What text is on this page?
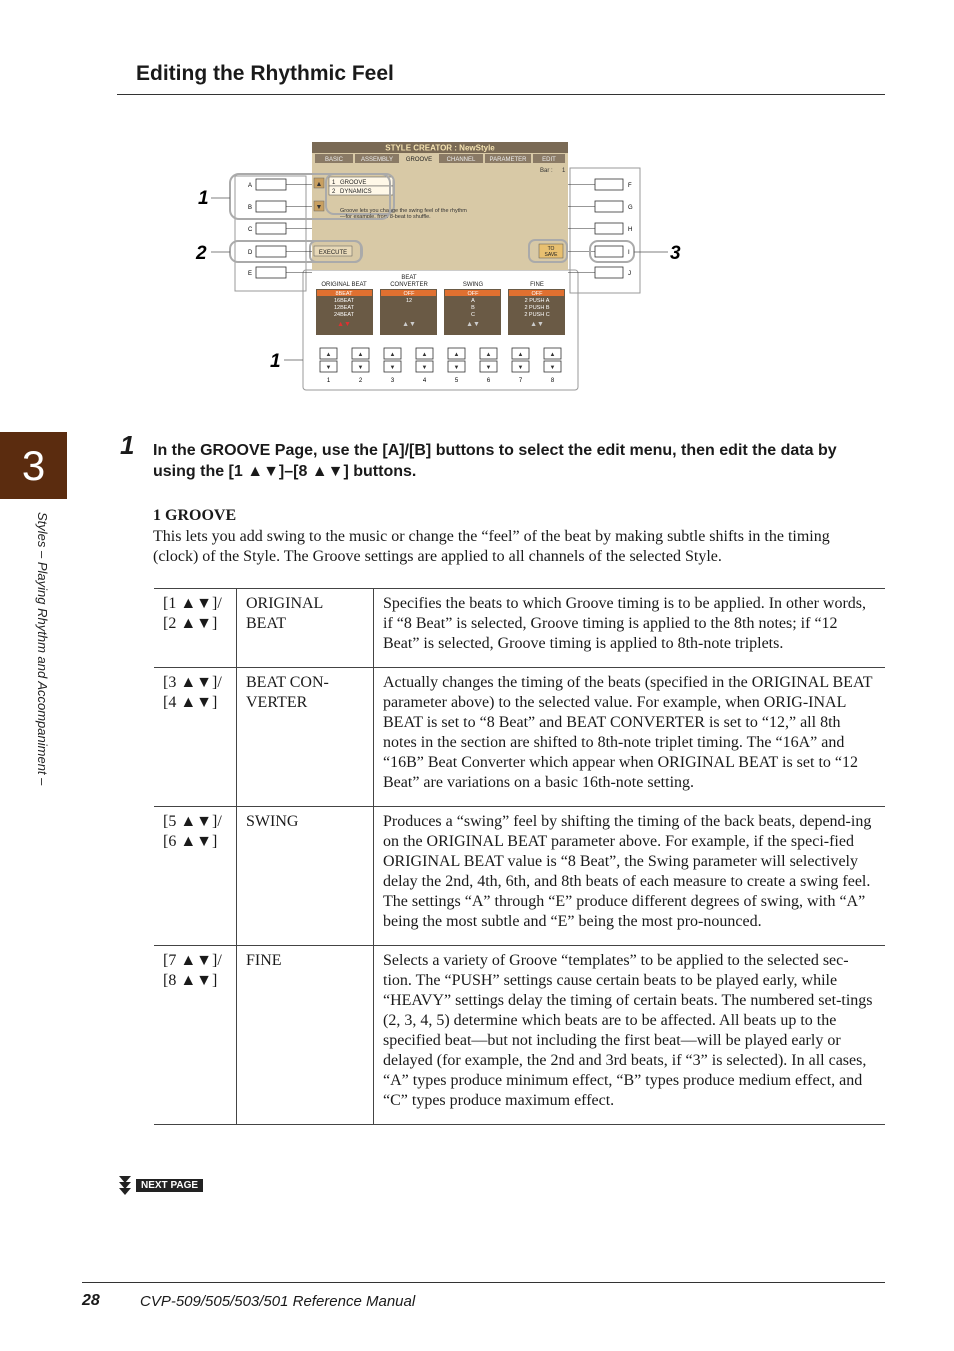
Editing the Rhythmic Feel
3
Styles – Playing Rhythm and Accompaniment –
STYLE CREATOR : NewStyle
BASIC	ASSEMBLY GROOVE CHANNEL PARAMETER	EDIT
Bar : 1
▲
▼
1 GROOVE
2 DYNAMICS
Groove lets you change the swing feel of the rhythm
—for example, from 8-beat to shuffle.
EXECUTE
TO
SAVE
A
B
C
D
E
F
G
H
I
J
ORIGINAL BEAT
8BEAT
16BEAT
12BEAT
24BEAT
▲▼
BEAT
CONVERTER
OFF
12
▲▼
SWING
OFF
A
B
C
▲▼
FINE
OFF
2 PUSH A
2 PUSH B
2 PUSH C
▲▼
1	2	3	4	5	6	7	8
▲
▼
▲
▼
▲
▼
▲
▼
▲
▼
▲
▼
▲
▼
▲
▼
1
2	3
1
1 In the GROOVE Page, use the [A]/[B] buttons to select the edit menu, then edit the data by using the [1 ▲▼]–[8 ▲▼] buttons.
1 GROOVE
This lets you add swing to the music or change the “feel” of the beat by making subtle shifts in the timing (clock) of the Style. The Groove settings are applied to all channels of the selected Style.
[1 ▲▼]/ [2 ▲▼]	ORIGINAL BEAT	Specifies the beats to which Groove timing is to be applied. In other words, if “8 Beat” is selected, Groove timing is applied to the 8th notes; if “12 Beat” is selected, Groove timing is applied to 8th-note triplets.
[3 ▲▼]/ [4 ▲▼]	BEAT CON-VERTER	Actually changes the timing of the beats (specified in the ORIGINAL BEAT parameter above) to the selected value. For example, when ORIG-INAL BEAT is set to “8 Beat” and BEAT CONVERTER is set to “12,” all 8th notes in the section are shifted to 8th-note triplet timing. The “16A” and “16B” Beat Converter which appear when ORIGINAL BEAT is set to “12 Beat” are variations on a basic 16th-note setting.
[5 ▲▼]/ [6 ▲▼]	SWING	Produces a “swing” feel by shifting the timing of the back beats, depend-ing on the ORIGINAL BEAT parameter above. For example, if the speci-fied ORIGINAL BEAT value is “8 Beat”, the Swing parameter will selectively delay the 2nd, 4th, 6th, and 8th beats of each measure to create a swing feel. The settings “A” through “E” produce different degrees of swing, with “A” being the most subtle and “E” being the most pro-nounced.
[7 ▲▼]/ [8 ▲▼]	FINE	Selects a variety of Groove “templates” to be applied to the selected sec-tion. The “PUSH” settings cause certain beats to be played early, while “HEAVY” settings delay the timing of certain beats. The numbered set-tings (2, 3, 4, 5) determine which beats are to be affected. All beats up to the specified beat—but not including the first beat—will be played early or delayed (for example, the 2nd and 3rd beats, if “3” is selected). In all cases, “A” types produce minimum effect, “B” types produce medium effect, and “C” types produce maximum effect.
NEXT PAGE
28	CVP-509/505/503/501 Reference Manual
